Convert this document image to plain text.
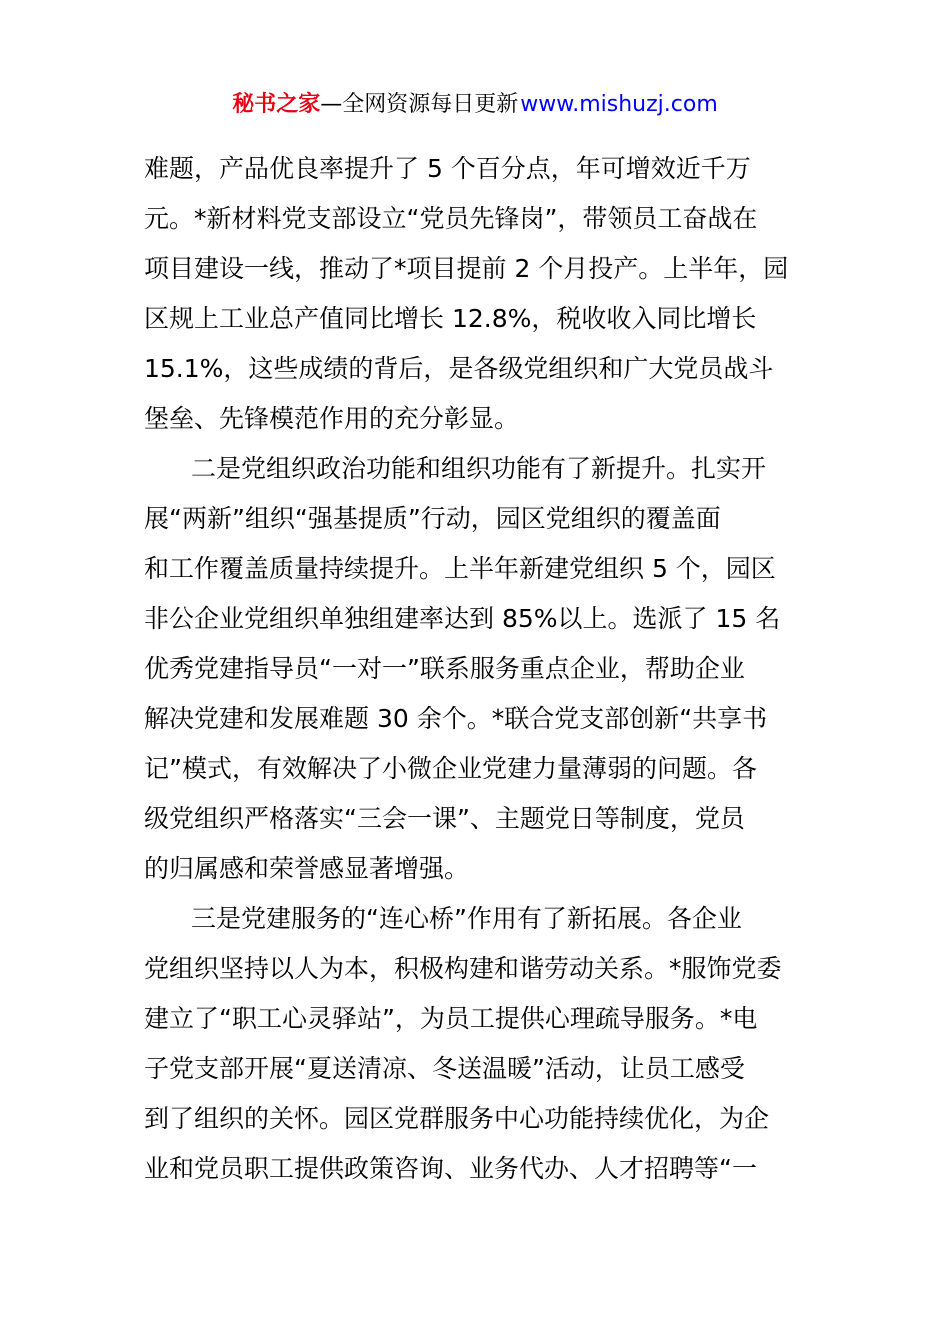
秘书之家—全网资源每日更新www.mishuzj.com
难题，产品优良率提升了 5 个百分点，年可增效近千万
元。*新材料党支部设立“党员先锋岗”，带领员工奋战在
项目建设一线，推动了*项目提前 2 个月投产。上半年，园
区规上工业总产值同比增长 12.8%，税收收入同比增长
15.1%，这些成绩的背后，是各级党组织和广大党员战斗
堡垒、先锋模范作用的充分彰显。
二是党组织政治功能和组织功能有了新提升。扎实开
展“两新”组织“强基提质”行动，园区党组织的覆盖面
和工作覆盖质量持续提升。上半年新建党组织 5 个，园区
非公企业党组织单独组建率达到 85%以上。选派了 15 名
优秀党建指导员“一对一”联系服务重点企业，帮助企业
解决党建和发展难题 30 余个。*联合党支部创新“共享书
记”模式，有效解决了小微企业党建力量薄弱的问题。各
级党组织严格落实“三会一课”、主题党日等制度，党员
的归属感和荣誉感显著增强。
三是党建服务的“连心桥”作用有了新拓展。各企业
党组织坚持以人为本，积极构建和谐劳动关系。*服饰党委
建立了“职工心灵驿站”，为员工提供心理疏导服务。*电
子党支部开展“夏送清凉、冬送温暖”活动，让员工感受
到了组织的关怀。园区党群服务中心功能持续优化，为企
业和党员职工提供政策咨询、业务代办、人才招聘等“一
